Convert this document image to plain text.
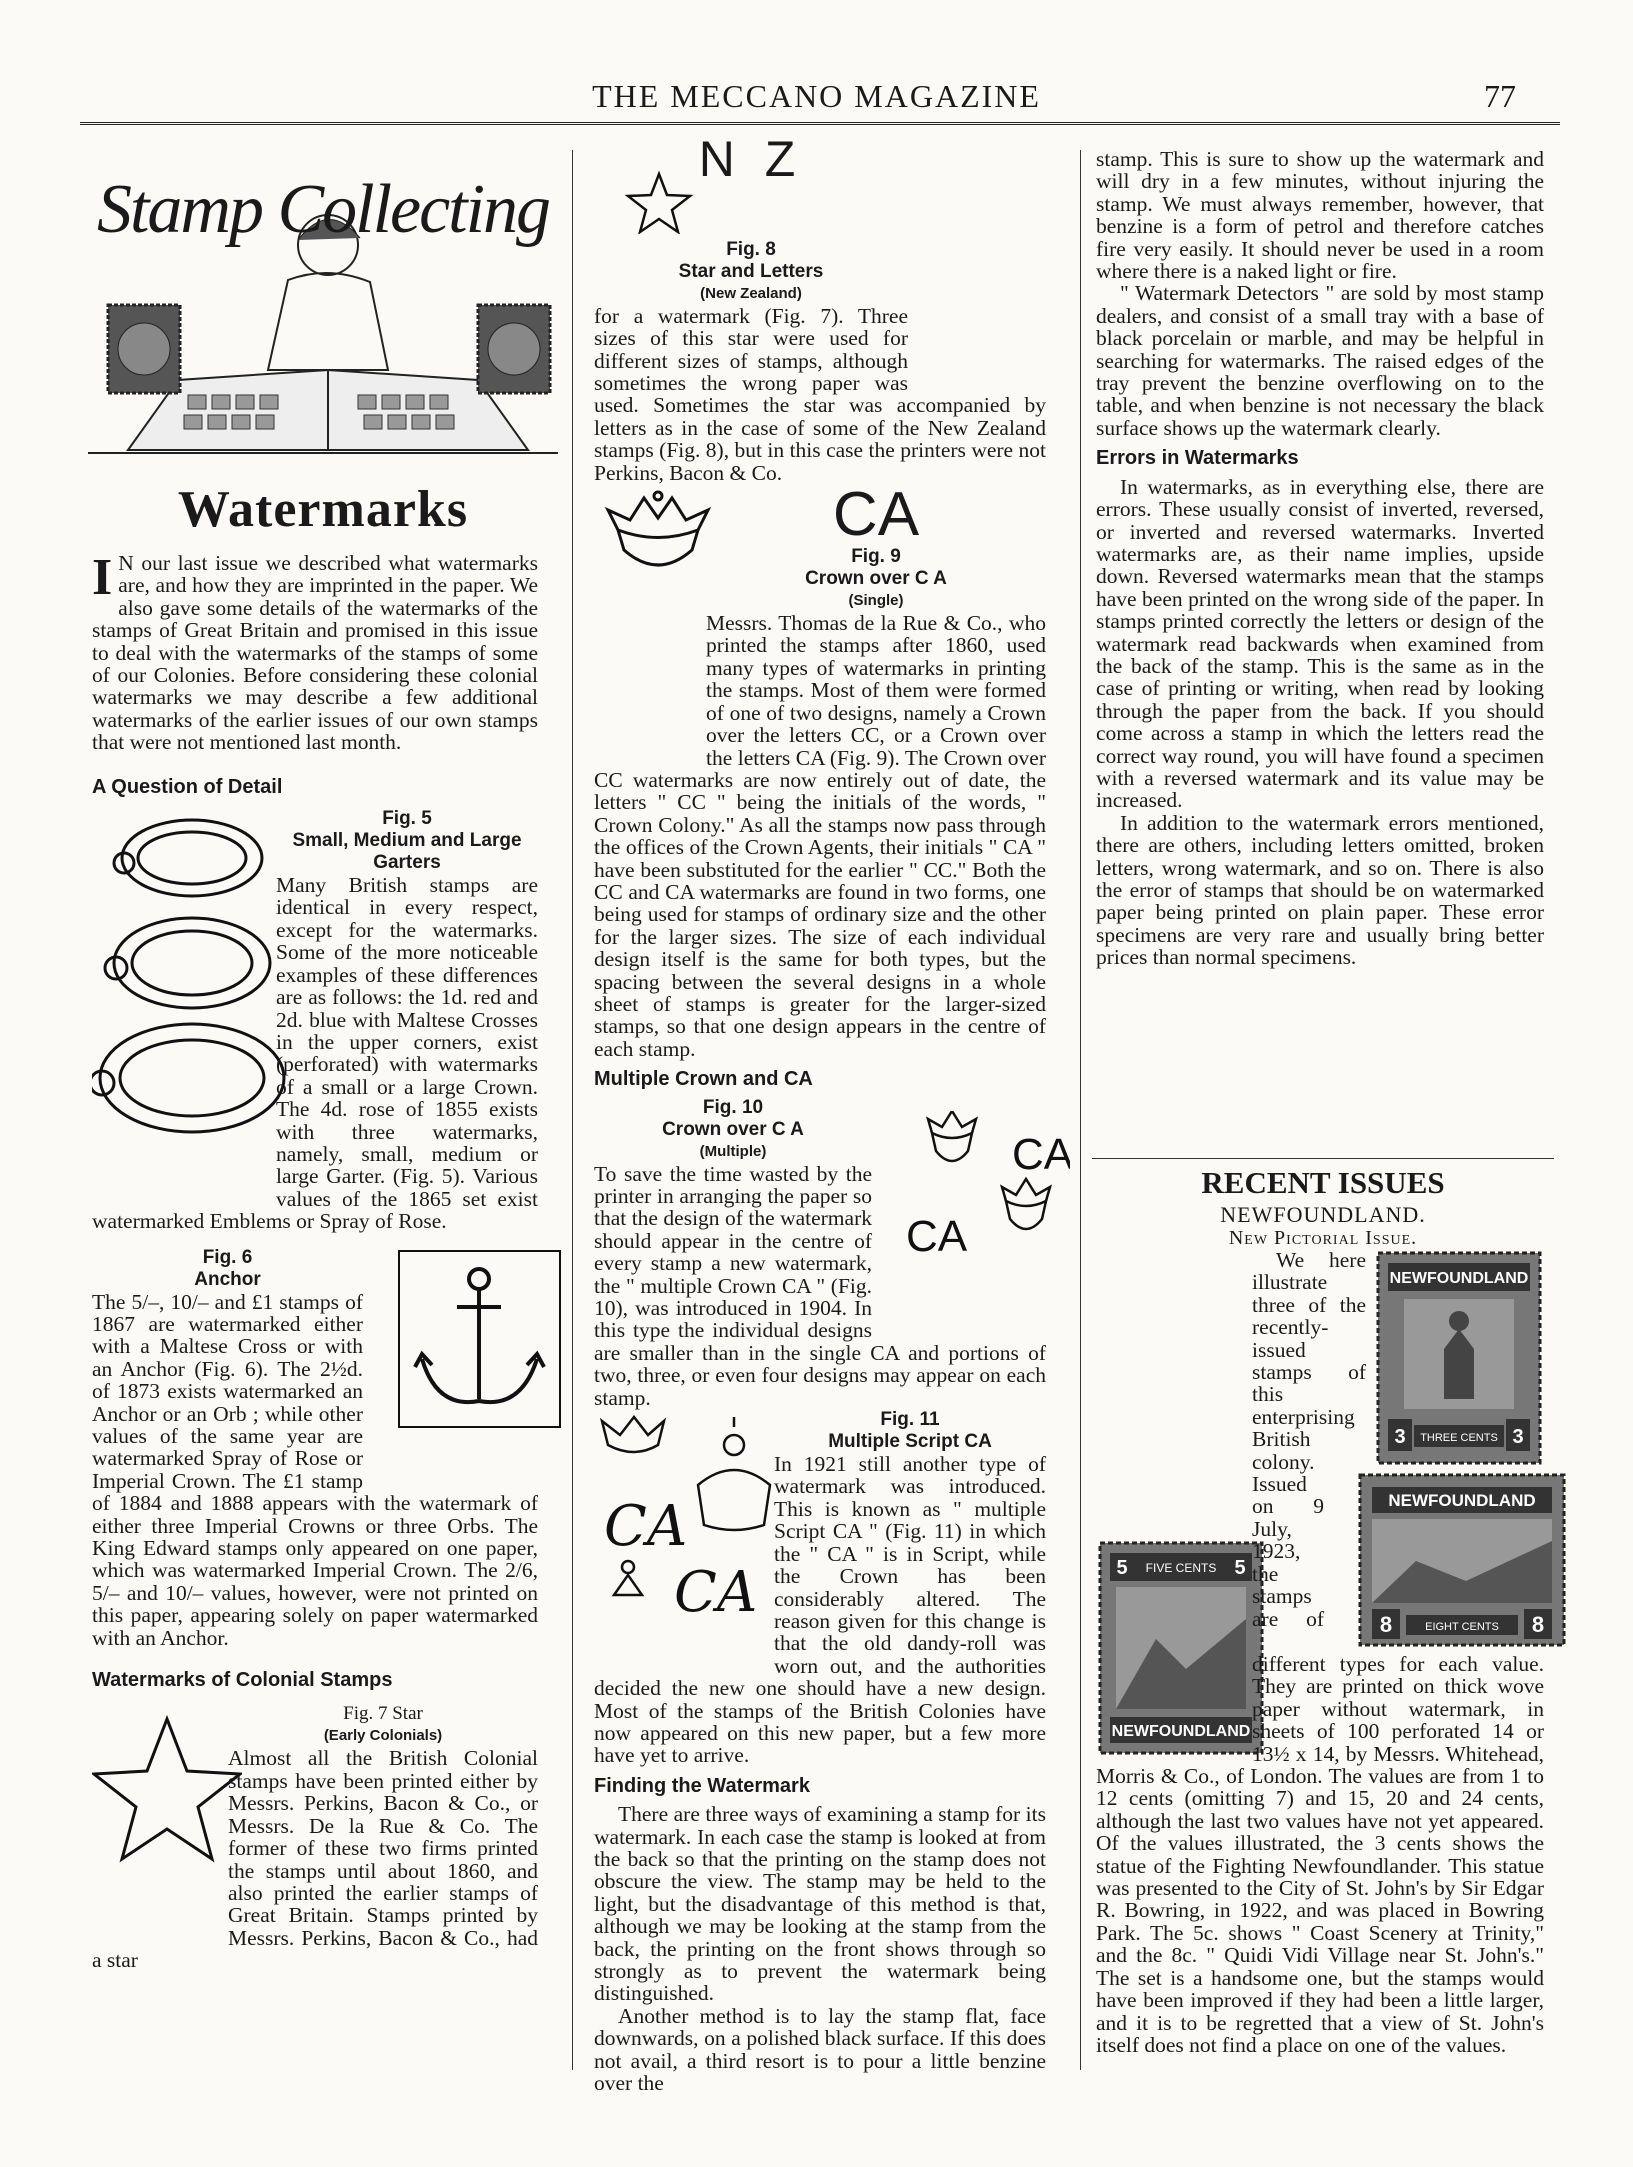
THE MECCANO MAGAZINE	77
Stamp Collecting
Watermarks

I N our last issue we described what watermarks are, and how they are imprinted in the paper. We also gave some details of the watermarks of the stamps of Great Britain and promised in this issue to deal with the watermarks of the stamps of some of our Colonies. Before considering these colonial watermarks we may describe a few additional watermarks of the earlier issues of our own stamps that were not mentioned last month.

A Question of Detail

Fig. 5
Small, Medium and Large Garters
Many British stamps are identical in every respect, except for the watermarks. Some of the more noticeable examples of these differences are as follows: the 1d. red and 2d. blue with Maltese Crosses in the upper corners, exist (perforated) with watermarks of a small or a large Crown. The 4d. rose of 1855 exists with three watermarks, namely, small, medium or large Garter. (Fig. 5). Various values of the 1865 set exist watermarked Emblems or Spray of Rose.

Fig. 6
Anchor
The 5/–, 10/– and £1 stamps of 1867 are watermarked either with a Maltese Cross or with an Anchor (Fig. 6). The 2½d. of 1873 exists watermarked an Anchor or an Orb ; while other values of the same year are watermarked Spray of Rose or Imperial Crown. The £1 stamp of 1884 and 1888 appears with the watermark of either three Imperial Crowns or three Orbs. The King Edward stamps only appeared on one paper, which was watermarked Imperial Crown. The 2/6, 5/– and 10/– values, however, were not printed on this paper, appearing solely on paper watermarked with an Anchor.

Watermarks of Colonial Stamps

Fig. 7 Star
(Early Colonials)
Almost all the British Colonial stamps have been printed either by Messrs. Perkins, Bacon & Co., or Messrs. De la Rue & Co. The former of these two firms printed the stamps until about 1860, and also printed the earlier stamps of Great Britain. Stamps printed by Messrs. Perkins, Bacon & Co., had a star

N Z
Fig. 8
Star and Letters
(New Zealand)
for a watermark (Fig. 7). Three sizes of this star were used for different sizes of stamps, although sometimes the wrong paper was used. Sometimes the star was accompanied by letters as in the case of some of the New Zealand stamps (Fig. 8), but in this case the printers were not Perkins, Bacon & Co.

CA
Fig. 9
Crown over C A
(Single)
Messrs. Thomas de la Rue & Co., who printed the stamps after 1860, used many types of watermarks in printing the stamps. Most of them were formed of one of two designs, namely a Crown over the letters CC, or a Crown over the letters CA (Fig. 9). The Crown over CC watermarks are now entirely out of date, the letters " CC " being the initials of the words, " Crown Colony." As all the stamps now pass through the offices of the Crown Agents, their initials " CA " have been substituted for the earlier " CC." Both the CC and CA watermarks are found in two forms, one being used for stamps of ordinary size and the other for the larger sizes. The size of each individual design itself is the same for both types, but the spacing between the several designs in a whole sheet of stamps is greater for the larger-sized stamps, so that one design appears in the centre of each stamp.

Multiple Crown and CA

CA
CA

Fig. 10
Crown over C A
(Multiple)
To save the time wasted by the printer in arranging the paper so that the design of the watermark should appear in the centre of every stamp a new watermark, the " multiple Crown CA " (Fig. 10), was introduced in 1904. In this type the individual designs are smaller than in the single CA and portions of two, three, or even four designs may appear on each stamp.

CA
CA

Fig. 11
Multiple Script CA
In 1921 still another type of watermark was introduced. This is known as " multiple Script CA " (Fig. 11) in which the " CA " is in Script, while the Crown has been considerably altered. The reason given for this change is that the old dandy-roll was worn out, and the authorities decided the new one should have a new design. Most of the stamps of the British Colonies have now appeared on this new paper, but a few more have yet to arrive.

Finding the Watermark

There are three ways of examining a stamp for its watermark. In each case the stamp is looked at from the back so that the printing on the stamp does not obscure the view. The stamp may be held to the light, but the disadvantage of this method is that, although we may be looking at the stamp from the back, the printing on the front shows through so strongly as to prevent the watermark being distinguished.

Another method is to lay the stamp flat, face downwards, on a polished black surface. If this does not avail, a third resort is to pour a little benzine over the

stamp. This is sure to show up the watermark and will dry in a few minutes, without injuring the stamp. We must always remember, however, that benzine is a form of petrol and therefore catches fire very easily. It should never be used in a room where there is a naked light or fire.

" Watermark Detectors " are sold by most stamp dealers, and consist of a small tray with a base of black porcelain or marble, and may be helpful in searching for watermarks. The raised edges of the tray prevent the benzine overflowing on to the table, and when benzine is not necessary the black surface shows up the watermark clearly.

Errors in Watermarks

In watermarks, as in everything else, there are errors. These usually consist of inverted, reversed, or inverted and reversed watermarks. Inverted watermarks are, as their name implies, upside down. Reversed watermarks mean that the stamps have been printed on the wrong side of the paper. In stamps printed correctly the letters or design of the watermark read backwards when examined from the back of the stamp. This is the same as in the case of printing or writing, when read by looking through the paper from the back. If you should come across a stamp in which the letters read the correct way round, you will have found a specimen with a reversed watermark and its value may be increased.

In addition to the watermark errors mentioned, there are others, including letters omitted, broken letters, wrong watermark, and so on. There is also the error of stamps that should be on watermarked paper being printed on plain paper. These error specimens are very rare and usually bring better prices than normal specimens.

RECENT ISSUES
NEWFOUNDLAND.
New Pictorial Issue.
NEWFOUNDLAND
3	3
THREE CENTS

5	5
FIVE CENTS
NEWFOUNDLAND
NEWFOUNDLAND
8	8
EIGHT CENTS
We here illustrate three of the recently-issued stamps of this enterprising British colony. Issued on 9 July, 1923, the stamps are of different types for each value. They are printed on thick wove paper without watermark, in sheets of 100 perforated 14 or 13½ x 14, by Messrs. Whitehead, Morris & Co., of London. The values are from 1 to 12 cents (omitting 7) and 15, 20 and 24 cents, although the last two values have not yet appeared. Of the values illustrated, the 3 cents shows the statue of the Fighting Newfoundlander. This statue was presented to the City of St. John's by Sir Edgar R. Bowring, in 1922, and was placed in Bowring Park. The 5c. shows " Coast Scenery at Trinity," and the 8c. " Quidi Vidi Village near St. John's." The set is a handsome one, but the stamps would have been improved if they had been a little larger, and it is to be regretted that a view of St. John's itself does not find a place on one of the values.
